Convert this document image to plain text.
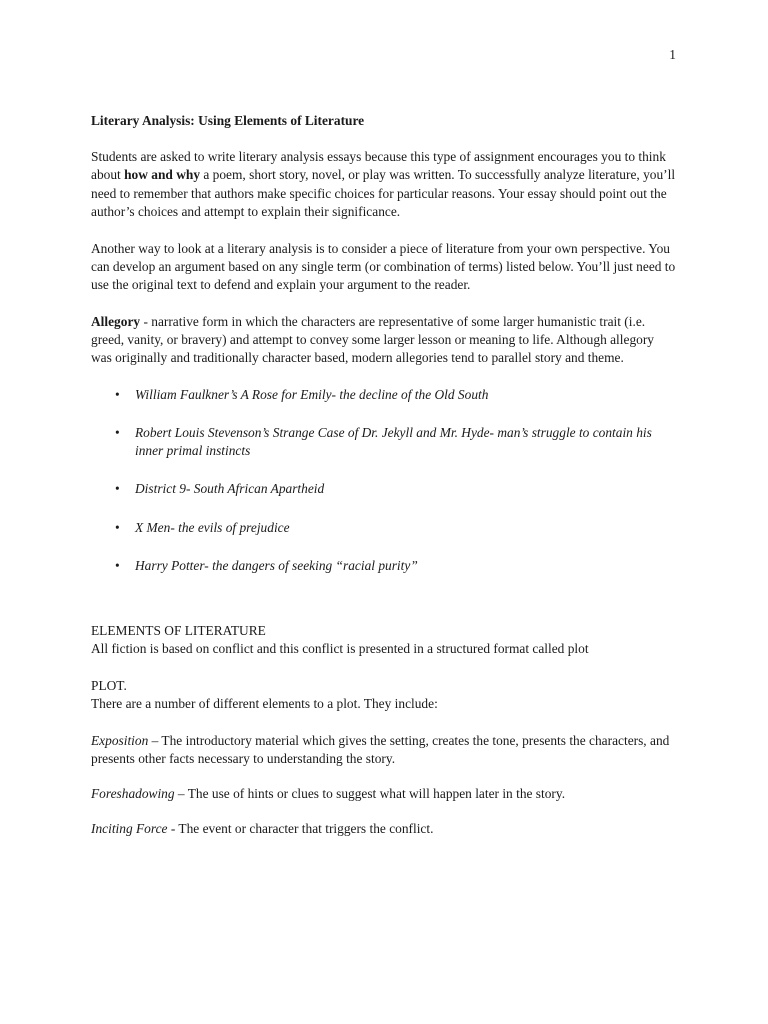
1

Literary Analysis: Using Elements of Literature

Students are asked to write literary analysis essays because this type of assignment encourages you to think about how and why a poem, short story, novel, or play was written. To successfully analyze literature, you’ll need to remember that authors make specific choices for particular reasons. Your essay should point out the author’s choices and attempt to explain their significance.

Another way to look at a literary analysis is to consider a piece of literature from your own perspective. You can develop an argument based on any single term (or combination of terms) listed below. You’ll just need to use the original text to defend and explain your argument to the reader.

Allegory - narrative form in which the characters are representative of some larger humanistic trait (i.e. greed, vanity, or bravery) and attempt to convey some larger lesson or meaning to life. Although allegory was originally and traditionally character based, modern allegories tend to parallel story and theme.

• William Faulkner’s A Rose for Emily- the decline of the Old South
• Robert Louis Stevenson’s Strange Case of Dr. Jekyll and Mr. Hyde- man’s struggle to contain his inner primal instincts
• District 9- South African Apartheid
• X Men- the evils of prejudice
• Harry Potter- the dangers of seeking “racial purity”

ELEMENTS OF LITERATURE

All fiction is based on conflict and this conflict is presented in a structured format called plot

PLOT.

There are a number of different elements to a plot. They include:

Exposition – The introductory material which gives the setting, creates the tone, presents the characters, and presents other facts necessary to understanding the story.

Foreshadowing – The use of hints or clues to suggest what will happen later in the story.

Inciting Force - The event or character that triggers the conflict.
